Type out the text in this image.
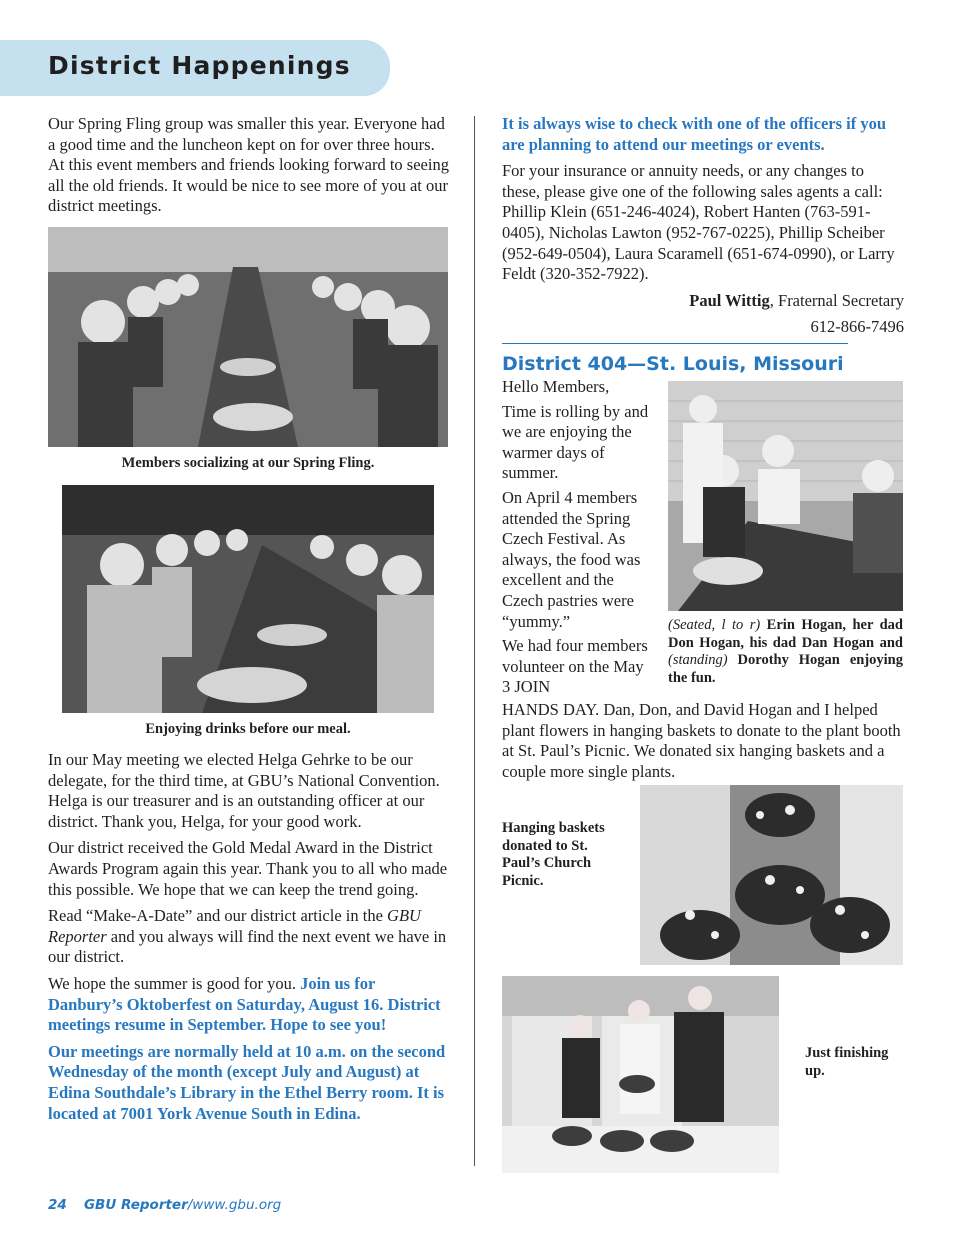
District Happenings

Our Spring Fling group was smaller this year. Everyone had a good time and the luncheon kept on for over three hours. At this event members and friends looking forward to seeing all the old friends. It would be nice to see more of you at our district meetings.

Members socializing at our Spring Fling.
Enjoying drinks before our meal.

In our May meeting we elected Helga Gehrke to be our delegate, for the third time, at GBU’s National Convention. Helga is our treasurer and is an outstanding officer at our district. Thank you, Helga, for your good work.

Our district received the Gold Medal Award in the District Awards Program again this year. Thank you to all who made this possible. We hope that we can keep the trend going.

Read “Make-A-Date” and our district article in the GBU Reporter and you always will find the next event we have in our district.

We hope the summer is good for you. Join us for Danbury’s Oktoberfest on Saturday, August 16. District meetings resume in September. Hope to see you!

Our meetings are normally held at 10 a.m. on the second Wednesday of the month (except July and August) at Edina Southdale’s Library in the Ethel Berry room. It is located at 7001 York Avenue South in Edina.

It is always wise to check with one of the officers if you are planning to attend our meetings or events.

For your insurance or annuity needs, or any changes to these, please give one of the following sales agents a call: Phillip Klein (651-246-4024), Robert Hanten (763-591-0405), Nicholas Lawton (952-767-0225), Phillip Scheiber (952-649-0504), Laura Scaramell (651-674-0990), or Larry Feldt (320-352-7922).

Paul Wittig, Fraternal Secretary

612-866-7496

District 404—St. Louis, Missouri

Hello Members,

Time is rolling by and we are enjoying the warmer days of summer.

On April 4 members attended the Spring Czech Festival. As always, the food was excellent and the Czech pastries were “yummy.”

We had four members volunteer on the May 3 JOIN

(Seated, l to r) Erin Hogan, her dad Don Hogan, his dad Dan Hogan and (standing) Dorothy Hogan enjoying the fun.

HANDS DAY. Dan, Don, and David Hogan and I helped plant flowers in hanging baskets to donate to the plant booth at St. Paul’s Picnic. We donated six hanging baskets and a couple more single plants.

Hanging baskets donated to St. Paul’s Church Picnic.
Just finishing up.
24 GBU Reporter/www.gbu.org
